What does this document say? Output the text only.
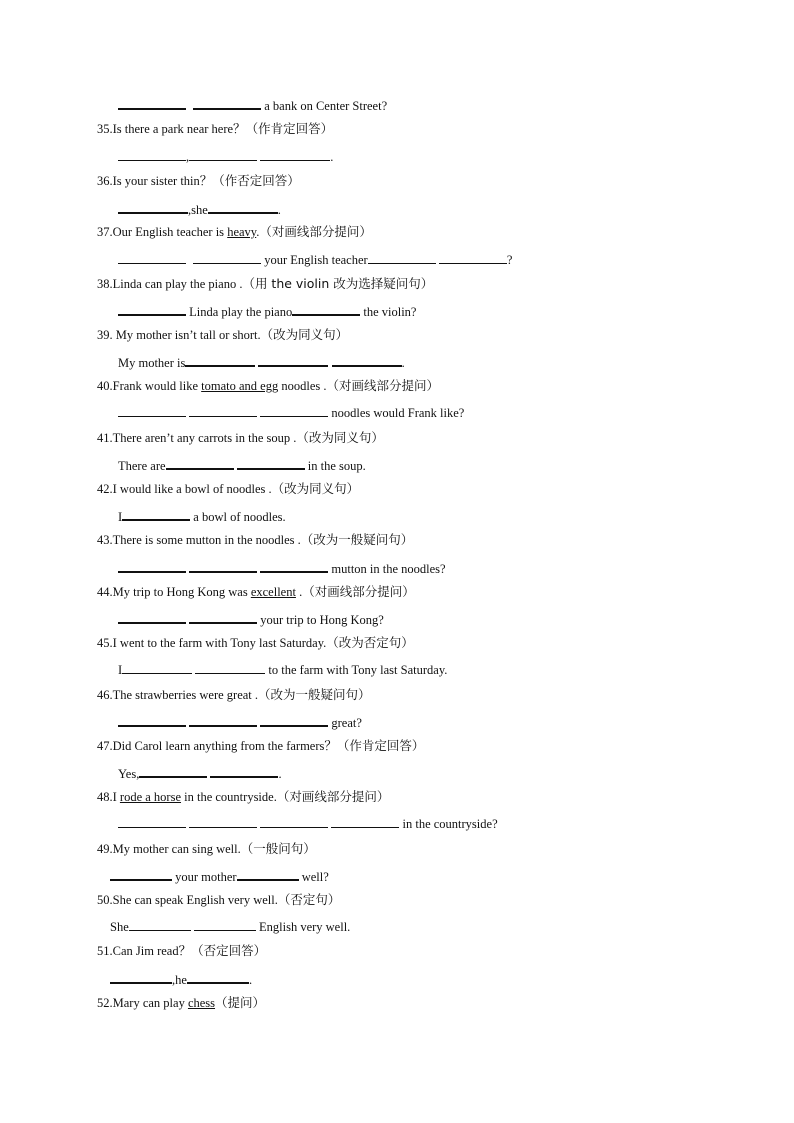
a bank on Center Street?
35.Is there a park near here？（作肯定回答）
,	.
36.Is your sister thin？（作否定回答）
,she	.
37.Our English teacher is heavy.（对画线部分提问）
your English teacher	?
38.Linda can play the piano .（用 the violin 改为选择疑问句）
Linda play the piano	the violin?
39. My mother isn’t tall or short.（改为同义句）
My mother is	.
40.Frank would like tomato and egg noodles .（对画线部分提问）
noodles would Frank like?
41.There aren’t any carrots in the soup .（改为同义句）
There are	in the soup.
42.I would like a bowl of noodles .（改为同义句）
I	a bowl of noodles.
43.There is some mutton in the noodles .（改为一般疑问句）
mutton in the noodles?
44.My trip to Hong Kong was excellent .（对画线部分提问）
your trip to Hong Kong?
45.I went to the farm with Tony last Saturday.（改为否定句）
I	to the farm with Tony last Saturday.
46.The strawberries were great .（改为一般疑问句）
great?
47.Did Carol learn anything from the farmers？（作肯定回答）
Yes,	.
48.I rode a horse in the countryside.（对画线部分提问）
in the countryside?
49.My mother can sing well.（一般问句）
your mother	well?
50.She can speak English very well.（否定句）
She	English very well.
51.Can Jim read？（否定回答）
,he	.
52.Mary can play chess（提问）
